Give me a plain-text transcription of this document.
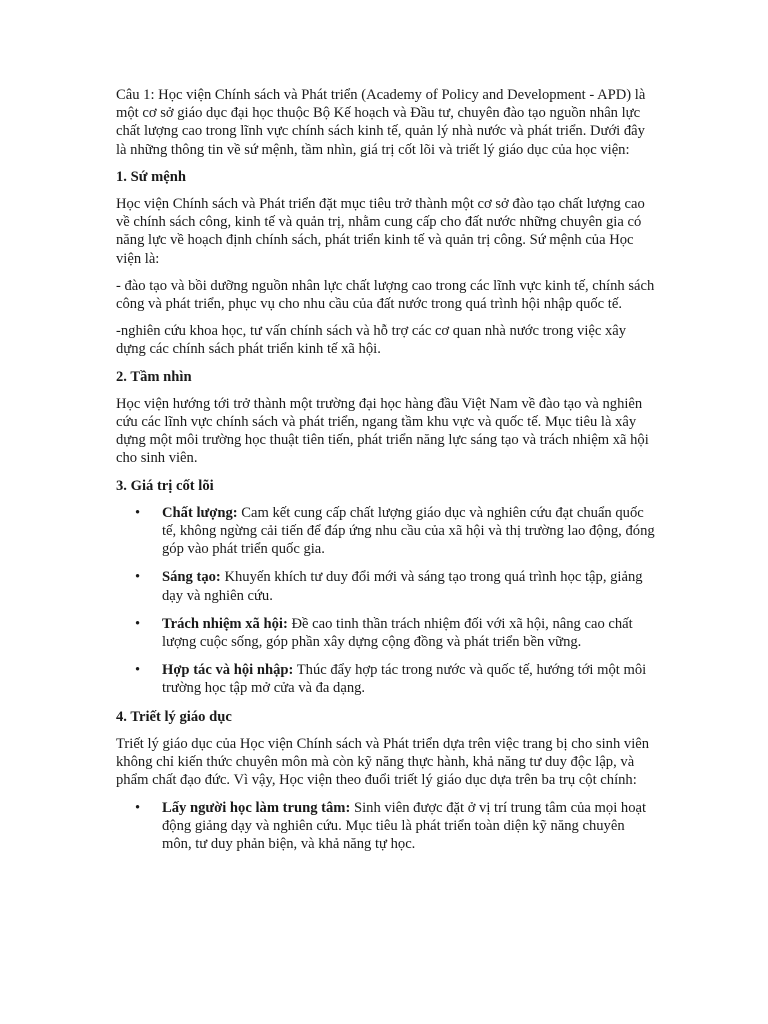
Câu 1: Học viện Chính sách và Phát triển (Academy of Policy and Development - APD) là một cơ sở giáo dục đại học thuộc Bộ Kế hoạch và Đầu tư, chuyên đào tạo nguồn nhân lực chất lượng cao trong lĩnh vực chính sách kinh tế, quản lý nhà nước và phát triển. Dưới đây là những thông tin về sứ mệnh, tầm nhìn, giá trị cốt lõi và triết lý giáo dục của học viện:

1. Sứ mệnh

Học viện Chính sách và Phát triển đặt mục tiêu trở thành một cơ sở đào tạo chất lượng cao về chính sách công, kinh tế và quản trị, nhằm cung cấp cho đất nước những chuyên gia có năng lực về hoạch định chính sách, phát triển kinh tế và quản trị công. Sứ mệnh của Học viện là:

- đào tạo và bồi dưỡng nguồn nhân lực chất lượng cao trong các lĩnh vực kinh tế, chính sách công và phát triển, phục vụ cho nhu cầu của đất nước trong quá trình hội nhập quốc tế.

-nghiên cứu khoa học, tư vấn chính sách và hỗ trợ các cơ quan nhà nước trong việc xây dựng các chính sách phát triển kinh tế xã hội.

2. Tầm nhìn

Học viện hướng tới trở thành một trường đại học hàng đầu Việt Nam về đào tạo và nghiên cứu các lĩnh vực chính sách và phát triển, ngang tầm khu vực và quốc tế. Mục tiêu là xây dựng một môi trường học thuật tiên tiến, phát triển năng lực sáng tạo và trách nhiệm xã hội cho sinh viên.

3. Giá trị cốt lõi
• Chất lượng: Cam kết cung cấp chất lượng giáo dục và nghiên cứu đạt chuẩn quốc tế, không ngừng cải tiến để đáp ứng nhu cầu của xã hội và thị trường lao động, đóng góp vào phát triển quốc gia.
• Sáng tạo: Khuyến khích tư duy đổi mới và sáng tạo trong quá trình học tập, giảng dạy và nghiên cứu.
• Trách nhiệm xã hội: Đề cao tinh thần trách nhiệm đối với xã hội, nâng cao chất lượng cuộc sống, góp phần xây dựng cộng đồng và phát triển bền vững.
• Hợp tác và hội nhập: Thúc đẩy hợp tác trong nước và quốc tế, hướng tới một môi trường học tập mở cửa và đa dạng.
4. Triết lý giáo dục

Triết lý giáo dục của Học viện Chính sách và Phát triển dựa trên việc trang bị cho sinh viên không chỉ kiến thức chuyên môn mà còn kỹ năng thực hành, khả năng tư duy độc lập, và phẩm chất đạo đức. Vì vậy, Học viện theo đuổi triết lý giáo dục dựa trên ba trụ cột chính:

• Lấy người học làm trung tâm: Sinh viên được đặt ở vị trí trung tâm của mọi hoạt động giảng dạy và nghiên cứu. Mục tiêu là phát triển toàn diện kỹ năng chuyên môn, tư duy phản biện, và khả năng tự học.
